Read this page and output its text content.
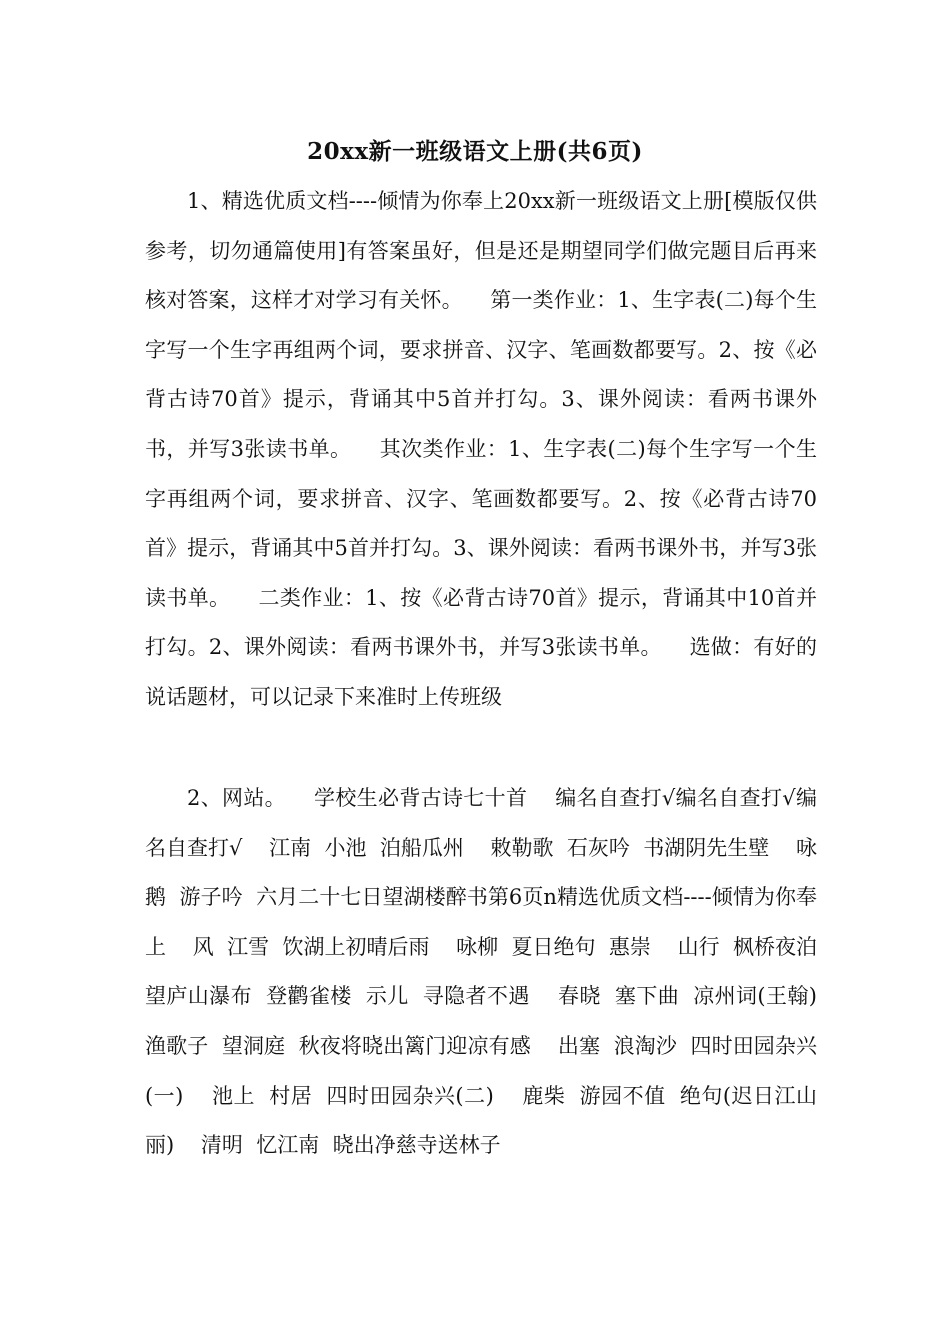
20xx新一班级语文上册(共6页)

1、精选优质文档----倾情为你奉上20xx新一班级语文上册[模版仅供参考，切勿通篇使用]有答案虽好，但是还是期望同学们做完题目后再来核对答案，这样才对学习有关怀。    第一类作业：1、生字表(二)每个生字写一个生字再组两个词，要求拼音、汉字、笔画数都要写。2、按《必背古诗70首》提示，背诵其中5首并打勾。3、课外阅读：看两书课外书，并写3张读书单。    其次类作业：1、生字表(二)每个生字写一个生字再组两个词，要求拼音、汉字、笔画数都要写。2、按《必背古诗70首》提示，背诵其中5首并打勾。3、课外阅读：看两书课外书，并写3张读书单。    二类作业：1、按《必背古诗70首》提示，背诵其中10首并打勾。2、课外阅读：看两书课外书，并写3张读书单。    选做：有好的说话题材，可以记录下来准时上传班级

2、网站。    学校生必背古诗七十首    编名自查打√编名自查打√编名自查打√    江南  小池  泊船瓜州    敕勒歌  石灰吟  书湖阴先生壁    咏鹅  游子吟  六月二十七日望湖楼醉书第6页n精选优质文档----倾情为你奉上    风  江雪  饮湖上初晴后雨    咏柳  夏日绝句  惠崇    山行  枫桥夜泊  望庐山瀑布  登鹳雀楼  示儿  寻隐者不遇    春晓  塞下曲  凉州词(王翰)  渔歌子  望洞庭  秋夜将晓出篱门迎凉有感    出塞  浪淘沙  四时田园杂兴(一)    池上  村居  四时田园杂兴(二)    鹿柴  游园不值  绝句(迟日江山丽)    清明  忆江南  晓出净慈寺送林子
